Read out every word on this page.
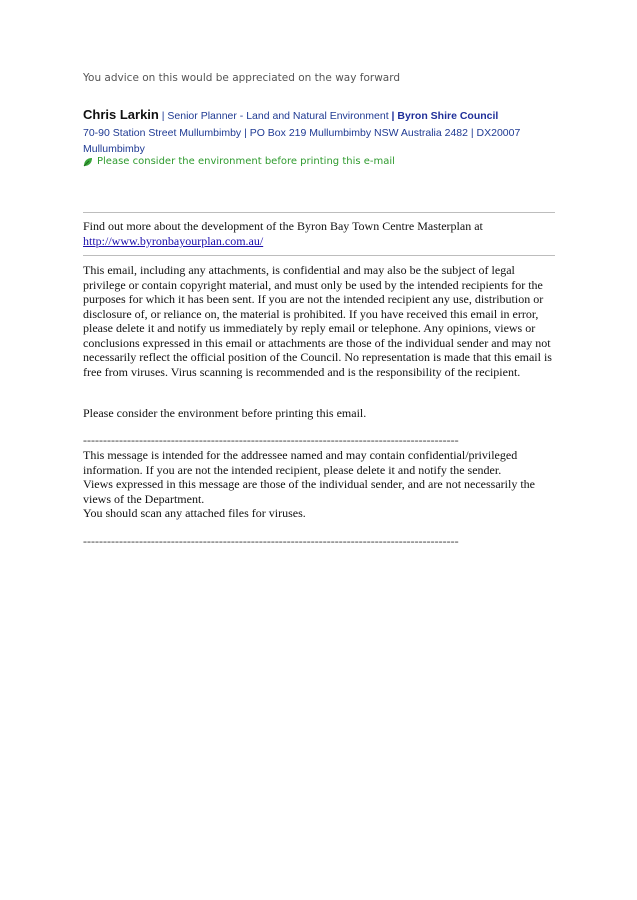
You advice on this would be appreciated on the way forward
Chris Larkin | Senior Planner - Land and Natural Environment | Byron Shire Council
70-90 Station Street Mullumbimby | PO Box 219 Mullumbimby NSW Australia 2482 | DX20007 Mullumbimby
Please consider the environment before printing this e-mail
Find out more about the development of the Byron Bay Town Centre Masterplan at
http://www.byronbayourplan.com.au/
This email, including any attachments, is confidential and may also be the subject of legal privilege or contain copyright material, and must only be used by the intended recipients for the purposes for which it has been sent. If you are not the intended recipient any use, distribution or disclosure of, or reliance on, the material is prohibited. If you have received this email in error, please delete it and notify us immediately by reply email or telephone. Any opinions, views or conclusions expressed in this email or attachments are those of the individual sender and may not necessarily reflect the official position of the Council. No representation is made that this email is free from viruses. Virus scanning is recommended and is the responsibility of the recipient.
Please consider the environment before printing this email.
----------------------------------------------------------------------------------------------

This message is intended for the addressee named and may contain confidential/privileged information. If you are not the intended recipient, please delete it and notify the sender.

Views expressed in this message are those of the individual sender, and are not necessarily the views of the Department.

You should scan any attached files for viruses.

----------------------------------------------------------------------------------------------
